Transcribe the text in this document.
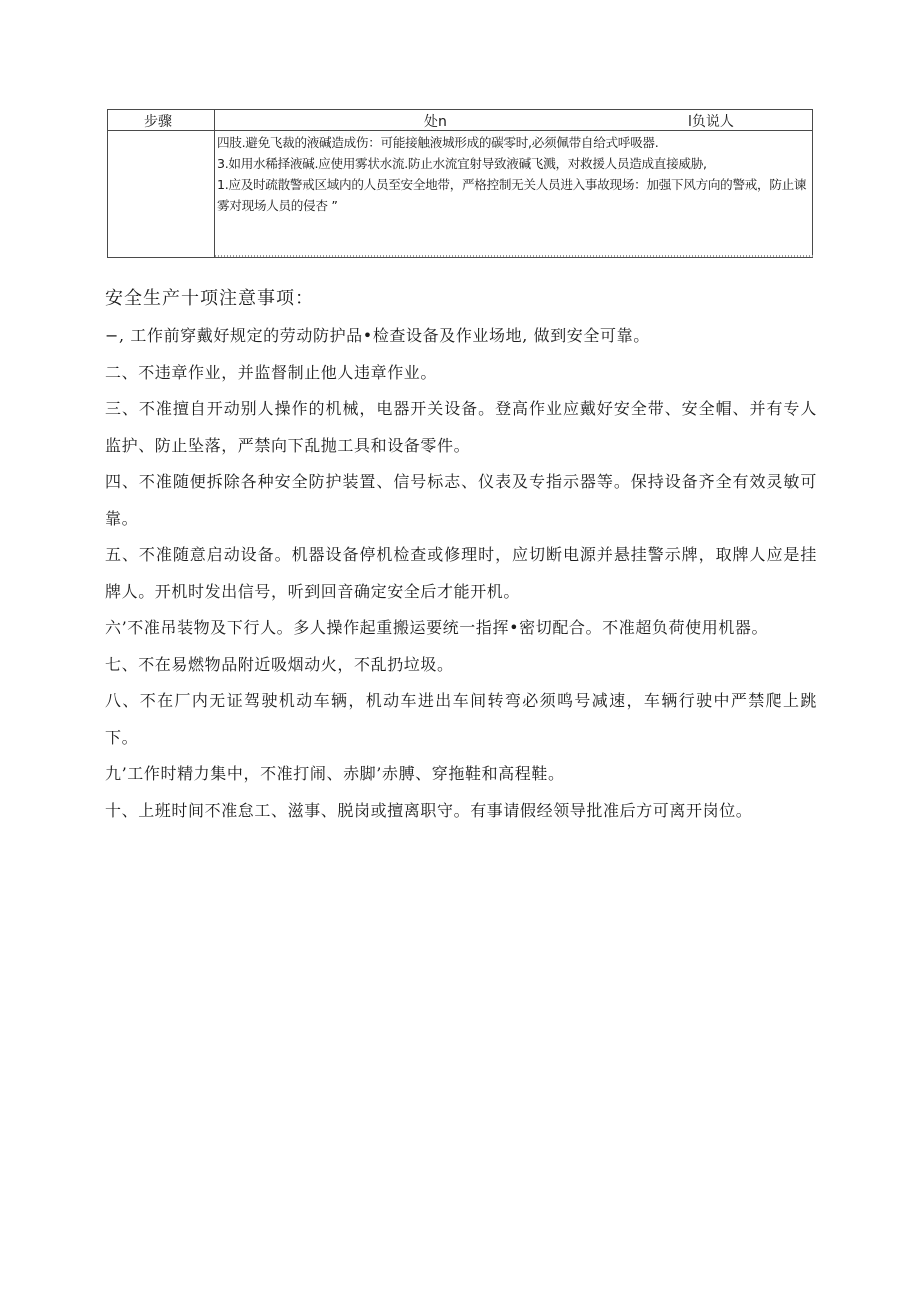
步骤	处n	l负说人

四肢.避免飞裁的液碱造成伤：可能接触液城形成的碳零时,必须佩带自给式呼吸器.

3.如用水稀择液碱.应使用雾状水流.防止水流宜射导致液碱飞溅，对救援人员造成直接威胁,

1.应及时疏散警戒区域内的人员至安全地带，严格控制无关人员进入事故现场：加强下风方向的警戒，防止谏雾对现场人员的侵杏 ”

安全生产十项注意事项：
−, 工作前穿戴好规定的劳动防护品•检查设备及作业场地, 做到安全可靠。
二、不违章作业，并监督制止他人违章作业。
三、不准擅自开动别人操作的机械，电器开关设备。登高作业应戴好安全带、安全帽、并有专人监护、防止坠落，严禁向下乱抛工具和设备零件。
四、不准随便拆除各种安全防护装置、信号标志、仪表及专指示器等。保持设备齐全有效灵敏可靠。
五、不准随意启动设备。机器设备停机检查或修理时，应切断电源并悬挂警示牌，取牌人应是挂牌人。开机时发出信号，听到回音确定安全后才能开机。
六’不准吊装物及下行人。多人操作起重搬运要统一指挥•密切配合。不准超负荷使用机器。
七、不在易燃物品附近吸烟动火，不乱扔垃圾。
八、不在厂内无证驾驶机动车辆，机动车进出车间转弯必须鸣号减速，车辆行驶中严禁爬上跳下。
九’工作时精力集中，不准打闹、赤脚’赤膊、穿拖鞋和高程鞋。
十、上班时间不准怠工、滋事、脱岗或擅离职守。有事请假经领导批准后方可离开岗位。
